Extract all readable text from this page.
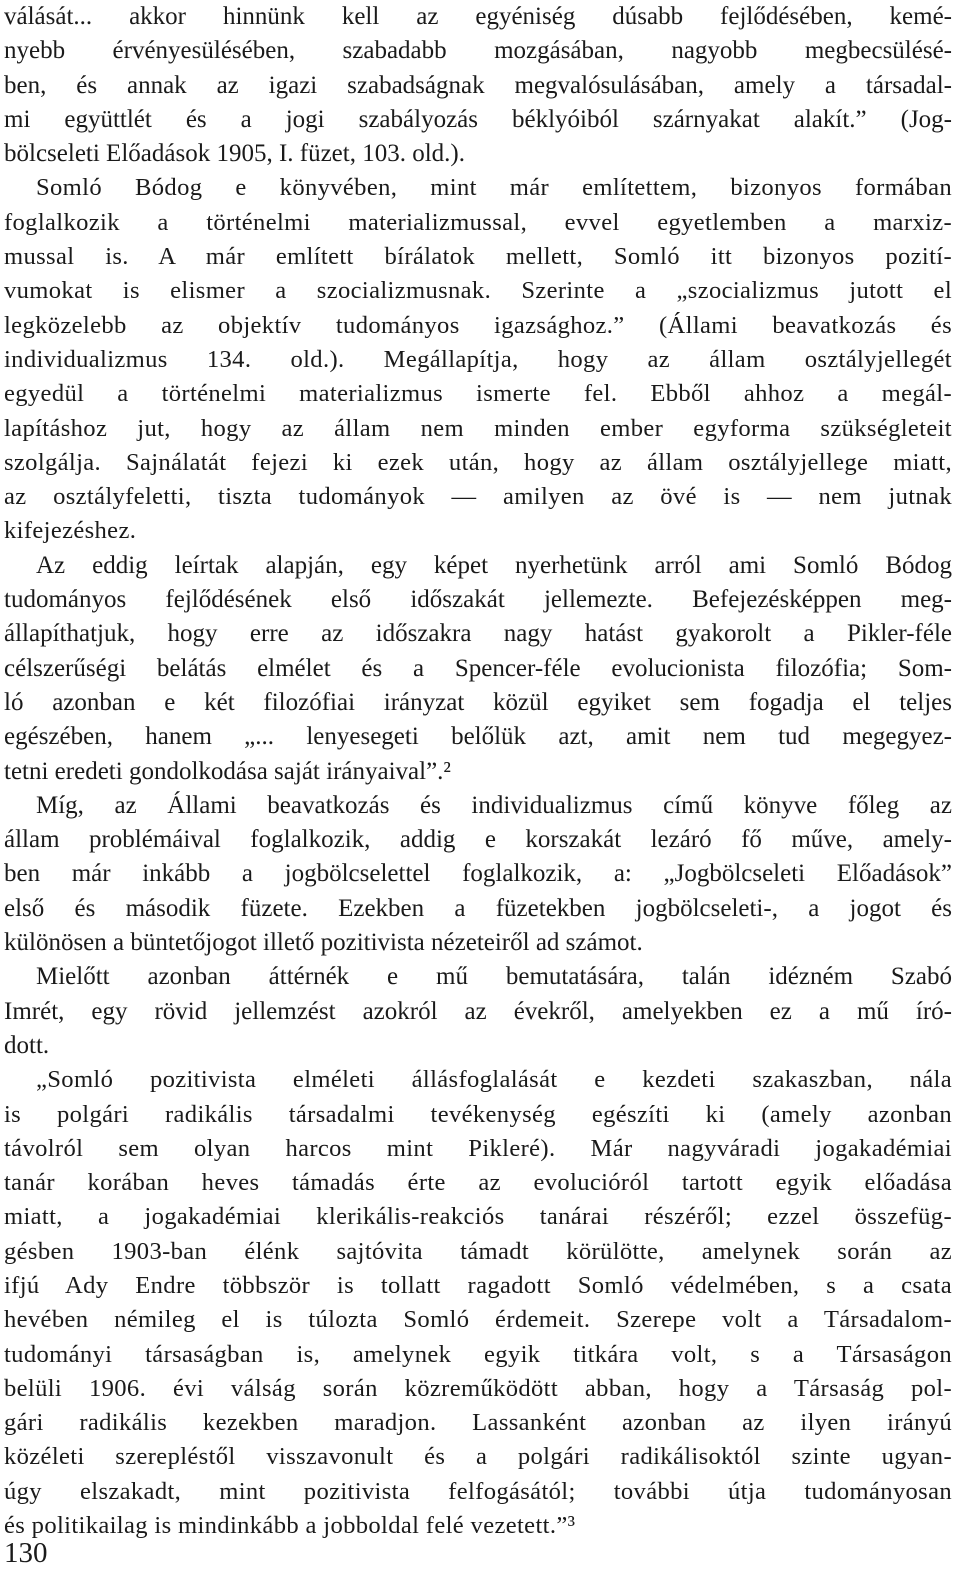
válását... akkor hinnünk kell az egyéniség dúsabb fejlődésében, kemé-
nyebb érvényesülésében, szabadabb mozgásában, nagyobb megbecsülésé-
ben, és annak az igazi szabadságnak megvalósulásában, amely a társadal-
mi együttlét és a jogi szabályozás béklyóiból szárnyakat alakít.” (Jog-
bölcseleti Előadások 1905, I. füzet, 103. old.).
Somló Bódog e könyvében, mint már említettem, bizonyos formában
foglalkozik a történelmi materializmussal, evvel egyetlemben a marxiz-
mussal is. A már említett bírálatok mellett, Somló itt bizonyos pozití-
vumokat is elismer a szocializmusnak. Szerinte a „szocializmus jutott el
legközelebb az objektív tudományos igazsághoz.” (Állami beavatkozás és
individualizmus 134. old.). Megállapítja, hogy az állam osztályjellegét
egyedül a történelmi materializmus ismerte fel. Ebből ahhoz a megál-
lapításhoz jut, hogy az állam nem minden ember egyforma szükségleteit
szolgálja. Sajnálatát fejezi ki ezek után, hogy az állam osztályjellege miatt,
az osztályfeletti, tiszta tudományok — amilyen az övé is — nem jutnak
kifejezéshez.
Az eddig leírtak alapján, egy képet nyerhetünk arról ami Somló Bódog
tudományos fejlődésének első időszakát jellemezte. Befejezésképpen meg-
állapíthatjuk, hogy erre az időszakra nagy hatást gyakorolt a Pikler-féle
célszerűségi belátás elmélet és a Spencer-féle evolucionista filozófia; Som-
ló azonban e két filozófiai irányzat közül egyiket sem fogadja el teljes
egészében, hanem „... lenyesegeti belőlük azt, amit nem tud megegyez-
tetni eredeti gondolkodása saját irányaival”.²
Míg, az Állami beavatkozás és individualizmus című könyve főleg az
állam problémáival foglalkozik, addig e korszakát lezáró fő műve, amely-
ben már inkább a jogbölcselettel foglalkozik, a: „Jogbölcseleti Előadások”
első és második füzete. Ezekben a füzetekben jogbölcseleti-, a jogot és
különösen a büntetőjogot illető pozitivista nézeteiről ad számot.
Mielőtt azonban áttérnék e mű bemutatására, talán idézném Szabó
Imrét, egy rövid jellemzést azokról az évekről, amelyekben ez a mű író-
dott.
„Somló pozitivista elméleti állásfoglalását e kezdeti szakaszban, nála
is polgári radikális társadalmi tevékenység egészíti ki (amely azonban
távolról sem olyan harcos mint Pikleré). Már nagyváradi jogakadémiai
tanár korában heves támadás érte az evolucióról tartott egyik előadása
miatt, a jogakadémiai klerikális-reakciós tanárai részéről; ezzel összefüg-
gésben 1903-ban élénk sajtóvita támadt körülötte, amelynek során az
ifjú Ady Endre többször is tollatt ragadott Somló védelmében, s a csata
hevében némileg el is túlozta Somló érdemeit. Szerepe volt a Társadalom-
tudományi társaságban is, amelynek egyik titkára volt, s a Társaságon
belüli 1906. évi válság során közreműködött abban, hogy a Társaság pol-
gári radikális kezekben maradjon. Lassanként azonban az ilyen irányú
közéleti szerepléstől visszavonult és a polgári radikálisoktól szinte ugyan-
úgy elszakadt, mint pozitivista felfogásától; további útja tudományosan
és politikailag is mindinkább a jobboldal felé vezetett.”³
130
